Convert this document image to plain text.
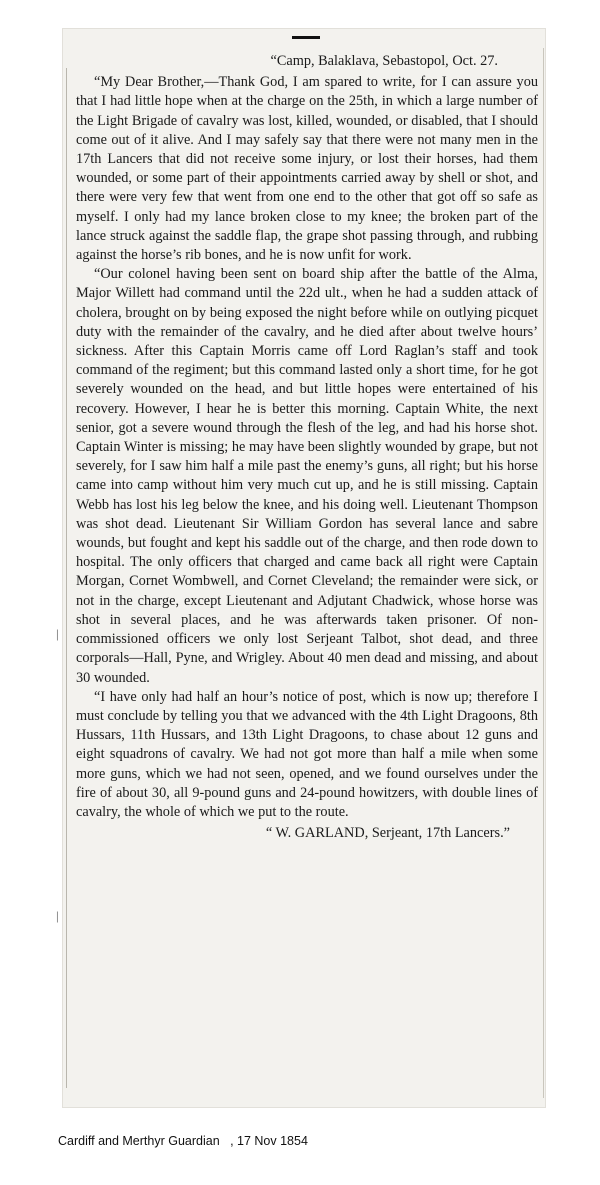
|
|

“Camp, Balaklava, Sebastopol, Oct. 27.

“My Dear Brother,—Thank God, I am spared to write, for I can assure you that I had little hope when at the charge on the 25th, in which a large number of the Light Brigade of cavalry was lost, killed, wounded, or disabled, that I should come out of it alive. And I may safely say that there were not many men in the 17th Lancers that did not receive some injury, or lost their horses, had them wounded, or some part of their appointments carried away by shell or shot, and there were very few that went from one end to the other that got off so safe as myself. I only had my lance broken close to my knee; the broken part of the lance struck against the saddle flap, the grape shot passing through, and rubbing against the horse’s rib bones, and he is now unfit for work.

“Our colonel having been sent on board ship after the battle of the Alma, Major Willett had command until the 22d ult., when he had a sudden attack of cholera, brought on by being exposed the night before while on outlying picquet duty with the remainder of the cavalry, and he died after about twelve hours’ sickness. After this Captain Morris came off Lord Raglan’s staff and took command of the regiment; but this command lasted only a short time, for he got severely wounded on the head, and but little hopes were entertained of his recovery. However, I hear he is better this morning. Captain White, the next senior, got a severe wound through the flesh of the leg, and had his horse shot. Captain Winter is missing; he may have been slightly wounded by grape, but not severely, for I saw him half a mile past the enemy’s guns, all right; but his horse came into camp without him very much cut up, and he is still missing. Captain Webb has lost his leg below the knee, and his doing well. Lieutenant Thompson was shot dead. Lieutenant Sir William Gordon has several lance and sabre wounds, but fought and kept his saddle out of the charge, and then rode down to hospital. The only officers that charged and came back all right were Captain Morgan, Cornet Wombwell, and Cornet Cleveland; the remainder were sick, or not in the charge, except Lieutenant and Adjutant Chadwick, whose horse was shot in several places, and he was afterwards taken prisoner. Of non-commissioned officers we only lost Serjeant Talbot, shot dead, and three corporals—Hall, Pyne, and Wrigley. About 40 men dead and missing, and about 30 wounded.

“I have only had half an hour’s notice of post, which is now up; therefore I must conclude by telling you that we advanced with the 4th Light Dragoons, 8th Hussars, 11th Hussars, and 13th Light Dragoons, to chase about 12 guns and eight squadrons of cavalry. We had not got more than half a mile when some more guns, which we had not seen, opened, and we found ourselves under the fire of about 30, all 9-pound guns and 24-pound howitzers, with double lines of cavalry, the whole of which we put to the route.

“ W. GARLAND, Serjeant, 17th Lancers.”

Cardiff and Merthyr Guardian   , 17 Nov 1854
